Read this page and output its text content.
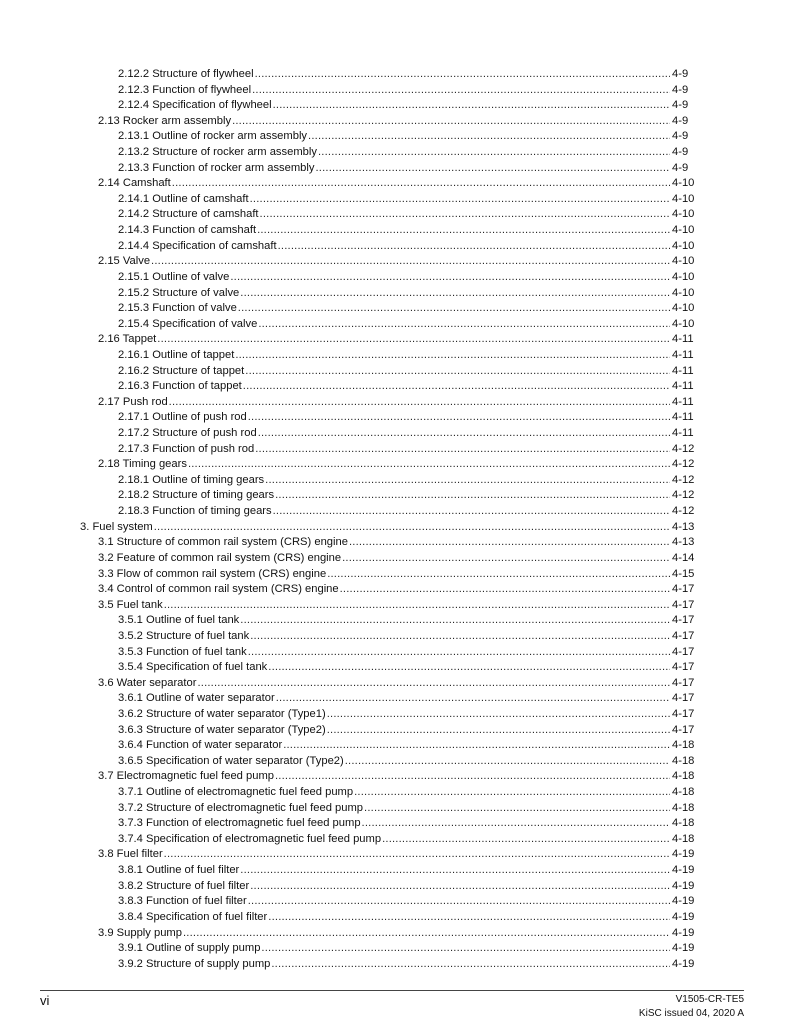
2.12.2 Structure of flywheel .....	4-9
2.12.3 Function of flywheel .....	4-9
2.12.4 Specification of flywheel .....	4-9
2.13 Rocker arm assembly .....	4-9
2.13.1 Outline of rocker arm assembly .....	4-9
2.13.2 Structure of rocker arm assembly .....	4-9
2.13.3 Function of rocker arm assembly .....	4-9
2.14 Camshaft .....	4-10
2.14.1 Outline of camshaft .....	4-10
2.14.2 Structure of camshaft .....	4-10
2.14.3 Function of camshaft .....	4-10
2.14.4 Specification of camshaft .....	4-10
2.15 Valve .....	4-10
2.15.1 Outline of valve .....	4-10
2.15.2 Structure of valve .....	4-10
2.15.3 Function of valve .....	4-10
2.15.4 Specification of valve .....	4-10
2.16 Tappet .....	4-11
2.16.1 Outline of tappet .....	4-11
2.16.2 Structure of tappet .....	4-11
2.16.3 Function of tappet .....	4-11
2.17 Push rod .....	4-11
2.17.1 Outline of push rod .....	4-11
2.17.2 Structure of push rod .....	4-11
2.17.3 Function of push rod .....	4-12
2.18 Timing gears .....	4-12
2.18.1 Outline of timing gears .....	4-12
2.18.2 Structure of timing gears .....	4-12
2.18.3 Function of timing gears .....	4-12
3. Fuel system .....	4-13
3.1 Structure of common rail system (CRS) engine .....	4-13
3.2 Feature of common rail system (CRS) engine .....	4-14
3.3 Flow of common rail system (CRS) engine .....	4-15
3.4 Control of common rail system (CRS) engine .....	4-17
3.5 Fuel tank .....	4-17
3.5.1 Outline of fuel tank .....	4-17
3.5.2 Structure of fuel tank .....	4-17
3.5.3 Function of fuel tank .....	4-17
3.5.4 Specification of fuel tank .....	4-17
3.6 Water separator .....	4-17
3.6.1 Outline of water separator .....	4-17
3.6.2 Structure of water separator (Type1) .....	4-17
3.6.3 Structure of water separator (Type2) .....	4-17
3.6.4 Function of water separator .....	4-18
3.6.5 Specification of water separator (Type2) .....	4-18
3.7 Electromagnetic fuel feed pump .....	4-18
3.7.1 Outline of electromagnetic fuel feed pump .....	4-18
3.7.2 Structure of electromagnetic fuel feed pump .....	4-18
3.7.3 Function of electromagnetic fuel feed pump .....	4-18
3.7.4 Specification of electromagnetic fuel feed pump .....	4-18
3.8 Fuel filter .....	4-19
3.8.1 Outline of fuel filter .....	4-19
3.8.2 Structure of fuel filter .....	4-19
3.8.3 Function of fuel filter .....	4-19
3.8.4 Specification of fuel filter .....	4-19
3.9 Supply pump .....	4-19
3.9.1 Outline of supply pump .....	4-19
3.9.2 Structure of supply pump .....	4-19
vi	V1505-CR-TE5
KiSC issued 04, 2020 A
